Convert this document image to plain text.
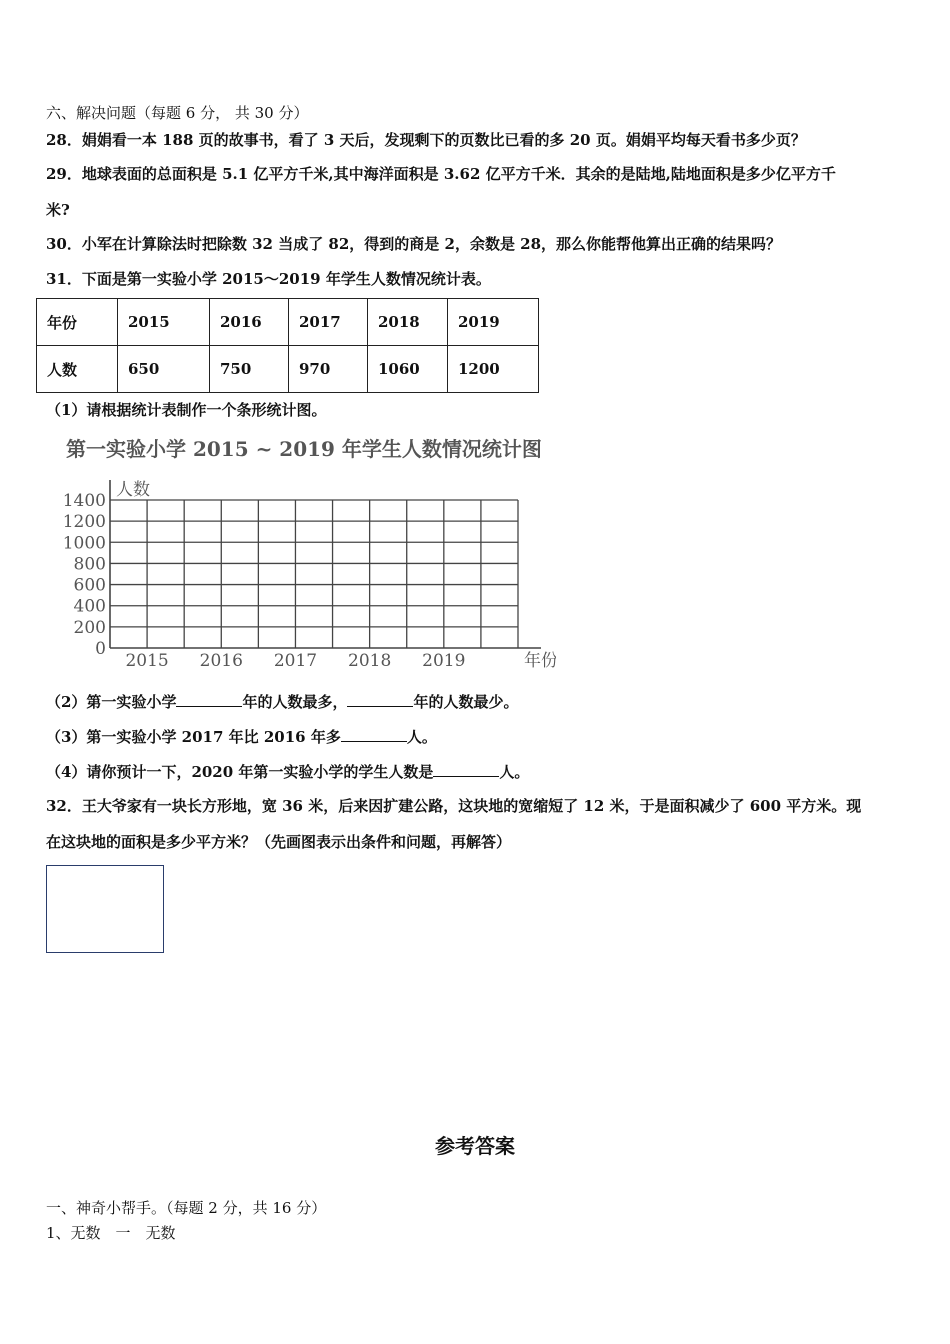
六、解决问题（每题 6 分， 共 30 分）
28．娟娟看一本 188 页的故事书，看了 3 天后，发现剩下的页数比已看的多 20 页。娟娟平均每天看书多少页？
29．地球表面的总面积是 5.1 亿平方千米,其中海洋面积是 3.62 亿平方千米．其余的是陆地,陆地面积是多少亿平方千
米?
30．小军在计算除法时把除数 32 当成了 82，得到的商是 2，余数是 28，那么你能帮他算出正确的结果吗？
31．下面是第一实验小学 2015～2019 年学生人数情况统计表。
年份	2015	2016	2017	2018	2019
人数	650	750	970	1060	1200
（1）请根据统计表制作一个条形统计图。
第一实验小学 2015 ~ 2019 年学生人数情况统计图
人数
0
200
400
600
800
1000
1200
1400
2015 2016 2017 2018 2019	年份
（2）第一实验小学	年的人数最多，	年的人数最少。
（3）第一实验小学 2017 年比 2016 年多	人。
（4）请你预计一下，2020 年第一实验小学的学生人数是	人。
32．王大爷家有一块长方形地，宽 36 米，后来因扩建公路，这块地的宽缩短了 12 米，于是面积减少了 600 平方米。现
在这块地的面积是多少平方米？（先画图表示出条件和问题，再解答）
参考答案
一、神奇小帮手。（每题 2 分，共 16 分）
1、无数　一　无数
